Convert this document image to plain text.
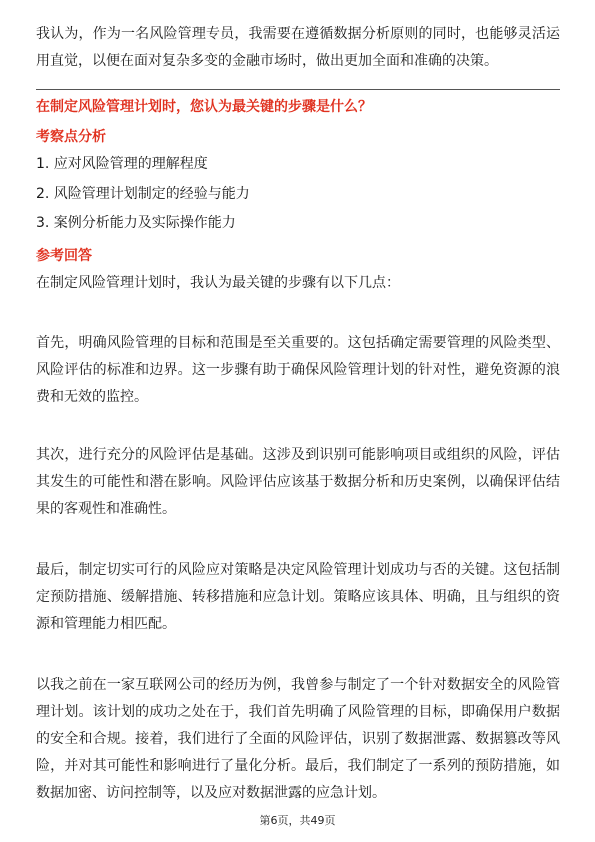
我认为，作为一名风险管理专员，我需要在遵循数据分析原则的同时，也能够灵活运用直觉，以便在面对复杂多变的金融市场时，做出更加全面和准确的决策。

在制定风险管理计划时，您认为最关键的步骤是什么？

考察点分析

1. 应对风险管理的理解程度
2. 风险管理计划制定的经验与能力
3. 案例分析能力及实际操作能力

参考回答

在制定风险管理计划时，我认为最关键的步骤有以下几点：

首先，明确风险管理的目标和范围是至关重要的。这包括确定需要管理的风险类型、风险评估的标准和边界。这一步骤有助于确保风险管理计划的针对性，避免资源的浪费和无效的监控。

其次，进行充分的风险评估是基础。这涉及到识别可能影响项目或组织的风险，评估其发生的可能性和潜在影响。风险评估应该基于数据分析和历史案例，以确保评估结果的客观性和准确性。

最后，制定切实可行的风险应对策略是决定风险管理计划成功与否的关键。这包括制定预防措施、缓解措施、转移措施和应急计划。策略应该具体、明确，且与组织的资源和管理能力相匹配。

以我之前在一家互联网公司的经历为例，我曾参与制定了一个针对数据安全的风险管理计划。该计划的成功之处在于，我们首先明确了风险管理的目标，即确保用户数据的安全和合规。接着，我们进行了全面的风险评估，识别了数据泄露、数据篡改等风险，并对其可能性和影响进行了量化分析。最后，我们制定了一系列的预防措施，如数据加密、访问控制等，以及应对数据泄露的应急计划。

第6页，共49页
